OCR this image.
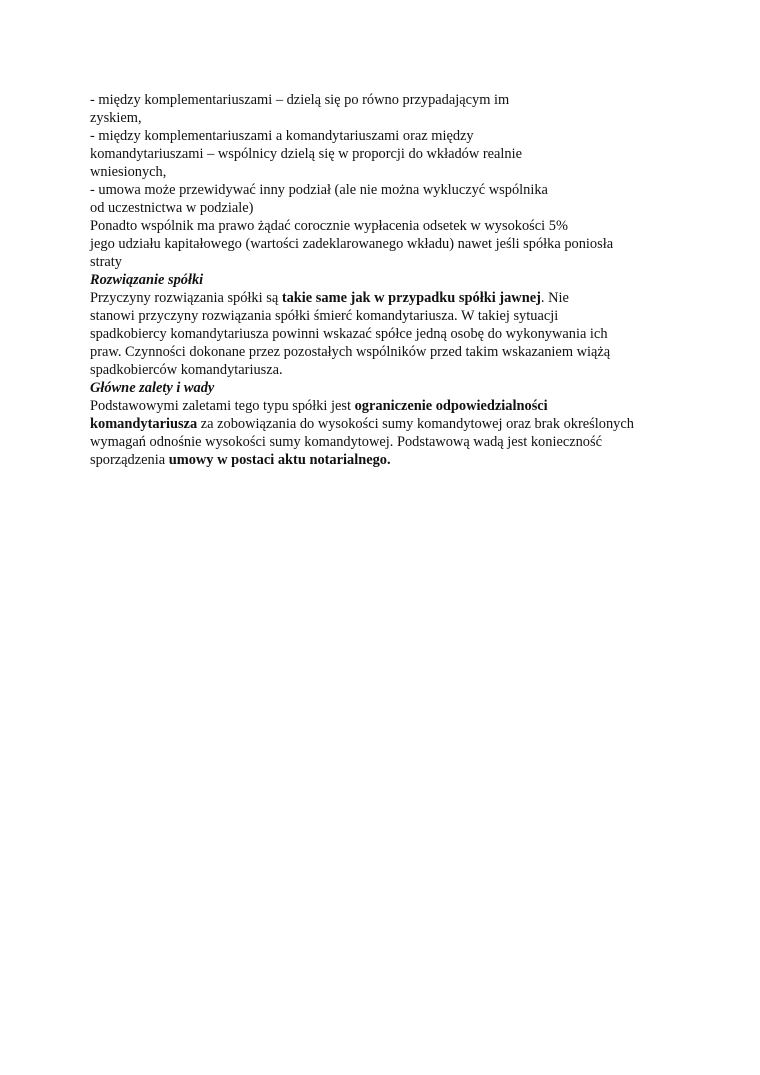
- między komplementariuszami – dzielą się po równo przypadającym im
zyskiem,
- między komplementariuszami a komandytariuszami oraz między
komandytariuszami – wspólnicy dzielą się w proporcji do wkładów realnie
wniesionych,
- umowa może przewidywać inny podział (ale nie można wykluczyć wspólnika
od uczestnictwa w podziale)
Ponadto wspólnik ma prawo żądać corocznie wypłacenia odsetek w wysokości 5%
jego udziału kapitałowego (wartości zadeklarowanego wkładu) nawet jeśli spółka poniosła
straty
Rozwiązanie spółki
Przyczyny rozwiązania spółki są takie same jak w przypadku spółki jawnej. Nie
stanowi przyczyny rozwiązania spółki śmierć komandytariusza. W takiej sytuacji
spadkobiercy komandytariusza powinni wskazać spółce jedną osobę do wykonywania ich
praw. Czynności dokonane przez pozostałych wspólników przed takim wskazaniem wiążą
spadkobierców komandytariusza.
Główne zalety i wady
Podstawowymi zaletami tego typu spółki jest ograniczenie odpowiedzialności
komandytariusza za zobowiązania do wysokości sumy komandytowej oraz brak określonych
wymagań odnośnie wysokości sumy komandytowej. Podstawową wadą jest konieczność
sporządzenia umowy w postaci aktu notarialnego.
